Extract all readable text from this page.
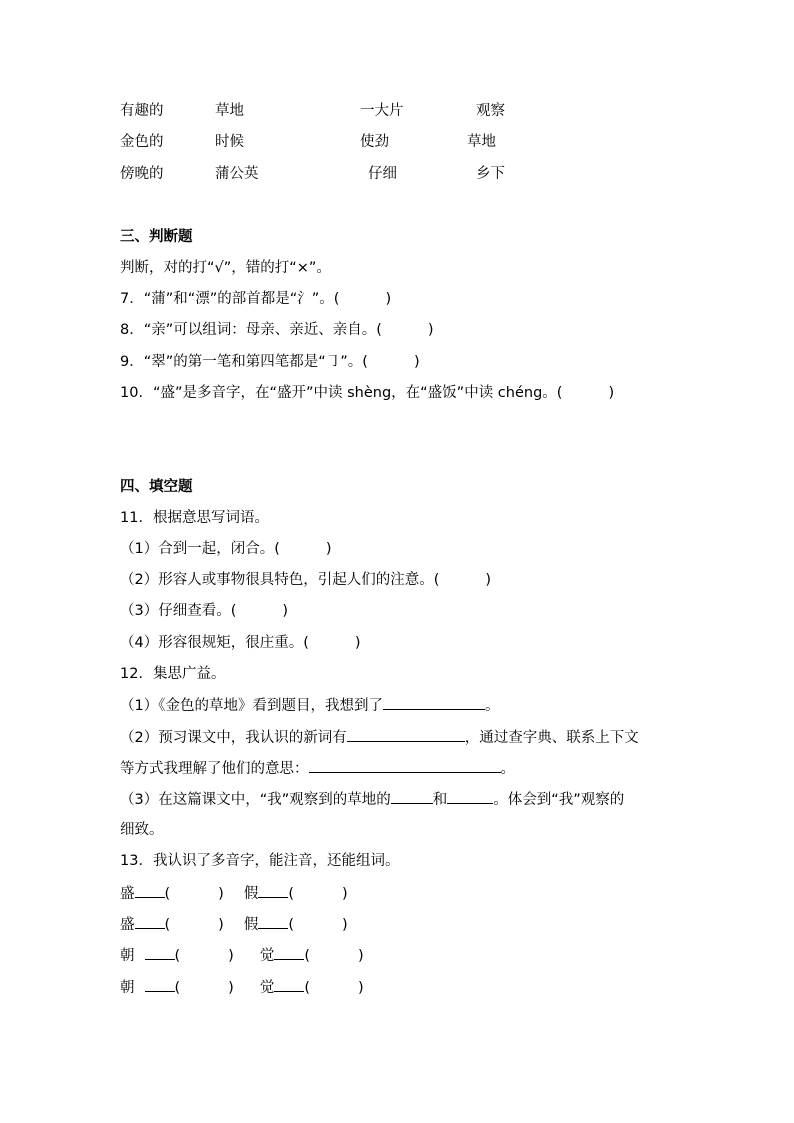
有趣的	草地	一大片	观察
金色的	时候	使劲	草地
傍晚的	蒲公英	仔细	乡下
三、判断题
判断，对的打“√”，错的打“×”。
7．“蒲”和“漂”的部首都是“氵”。(	)
8．“亲”可以组词：母亲、亲近、亲自。(	)
9．“翠”的第一笔和第四笔都是“㇆”。(	)
10．“盛”是多音字，在“盛开”中读 shèng，在“盛饭”中读 chéng。(	)
四、填空题
11．根据意思写词语。
（1）合到一起，闭合。(	)
（2）形容人或事物很具特色，引起人们的注意。(	)
（3）仔细查看。(	)
（4）形容很规矩，很庄重。(	)
12．集思广益。
（1）《金色的草地》看到题目，我想到了	。
（2）预习课文中，我认识的新词有	，通过查字典、联系上下文
等方式我理解了他们的意思：	。
（3）在这篇课文中，“我”观察到的草地的	和	。体会到“我”观察的
细致。
13．我认识了多音字，能注音，还能组词。
盛 (	) 假 (	)
盛 (	) 假 (	)
朝	(	) 觉 (	)
朝	(	) 觉 (	)
